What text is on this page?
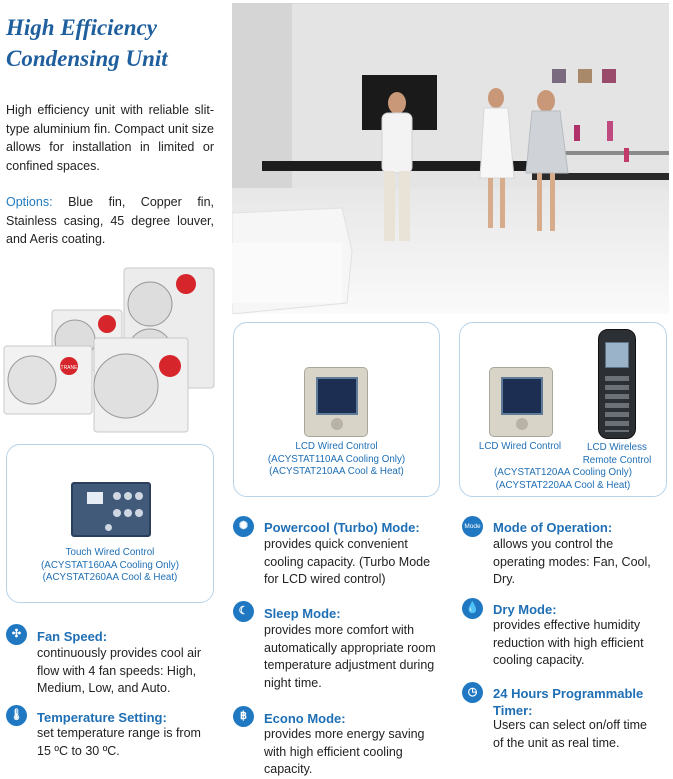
High Efficiency
Condensing Unit

High efficiency unit with reliable slit-type aluminium fin. Compact unit size allows for installation in limited or confined spaces.

Options: Blue fin, Copper fin, Stainless casing, 45 degree louver, and Aeris coating.

TRANE
Touch Wired Control
(ACYSTAT160AA Cooling Only)
(ACYSTAT260AA Cool & Heat)
LCD Wired Control
(ACYSTAT110AA Cooling Only)
(ACYSTAT210AA Cool & Heat)
LCD Wired Control	LCD Wireless
Remote Control
(ACYSTAT120AA Cooling Only)
(ACYSTAT220AA Cool & Heat)
✣	Fan Speed:
continuously provides cool air
flow with 4 fan speeds: High,
Medium, Low, and Auto.
🌡 Temperature Setting:
set temperature range is from
15 ºC to 30 ºC.
✺	Powercool (Turbo) Mode:
provides quick convenient
cooling capacity. (Turbo Mode
for LCD wired control)
☾	Sleep Mode:
provides more comfort with
automatically appropriate room
temperature adjustment during
night time.
฿	Econo Mode:
provides more energy saving
with high efficient cooling
capacity.
Mode Mode of Operation:
allows you control the
operating modes: Fan, Cool,
Dry.
💧 Dry Mode:
provides effective humidity
reduction with high efficient
cooling capacity.
◷	24 Hours Programmable
Timer:
Users can select on/off time
of the unit as real time.
